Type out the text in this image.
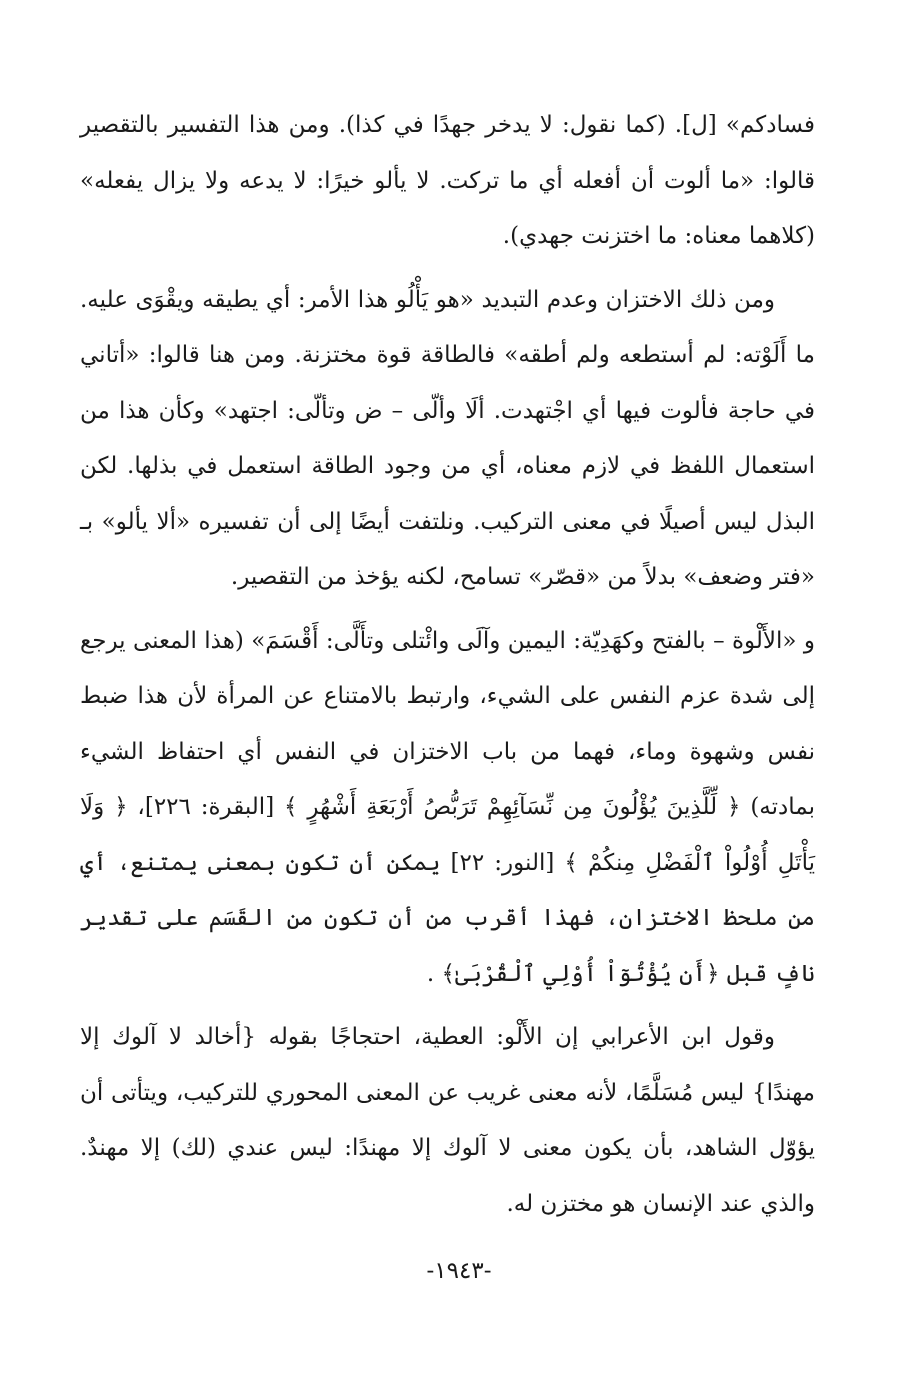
فسادكم» [ل]. (كما نقول: لا يدخر جهدًا في كذا). ومن هذا التفسير بالتقصير قالوا: «ما ألوت أن أفعله أي ما تركت. لا يألو خيرًا: لا يدعه ولا يزال يفعله» (كلاهما معناه: ما اختزنت جهدي).

ومن ذلك الاختزان وعدم التبديد «هو يَأْلُو هذا الأمر: أي يطيقه ويقْوَى عليه. ما أَلَوْته: لم أستطعه ولم أطقه» فالطاقة قوة مختزنة. ومن هنا قالوا: «أتاني في حاجة فألوت فيها أي اجْتهدت. ألَا وألّى – ض وتألّى: اجتهد» وكأن هذا من استعمال اللفظ في لازم معناه، أي من وجود الطاقة استعمل في بذلها. لكن البذل ليس أصيلًا في معنى التركيب. ونلتفت أيضًا إلى أن تفسيره «ألا يألو» بـ «فتر وضعف» بدلاً من «قصّر» تسامح، لكنه يؤخذ من التقصير.

و «الأَلْوة – بالفتح وكهَدِيّة: اليمين وآلَى وائْتلى وتأَلَّى: أَقْسَمَ» (هذا المعنى يرجع إلى شدة عزم النفس على الشيء، وارتبط بالامتناع عن المرأة لأن هذا ضبط نفس وشهوة وماء، فهما من باب الاختزان في النفس أي احتفاظ الشيء بمادته) ﴿ لِّلَّذِينَ يُؤْلُونَ مِن نِّسَآئِهِمْ تَرَبُّصُ أَرْبَعَةِ أَشْهُرٍ ﴾ [البقرة: ٢٢٦]، ﴿ وَلَا يَأْتَلِ أُوْلُواْ ٱلْفَضْلِ مِنكُمْ ﴾ [النور: ٢٢] يمكن أن تكون بمعنى يمتنع، أي من ملحظ الاختزان، فهذا أقرب من أن تكون من القَسَم على تقدير نافٍ قبل ﴿أَن يُؤْتُوٓاْ أُوْلِي ٱلْقُرْبَىٰ﴾ .

وقول ابن الأعرابي إن الأَلْو: العطية، احتجاجًا بقوله {أخالد لا آلوك إلا مهندًا} ليس مُسَلَّمًا، لأنه معنى غريب عن المعنى المحوري للتركيب، ويتأتى أن يؤوّل الشاهد، بأن يكون معنى لا آلوك إلا مهندًا: ليس عندي (لك) إلا مهندٌ. والذي عند الإنسان هو مختزن له.

-١٩٤٣-
